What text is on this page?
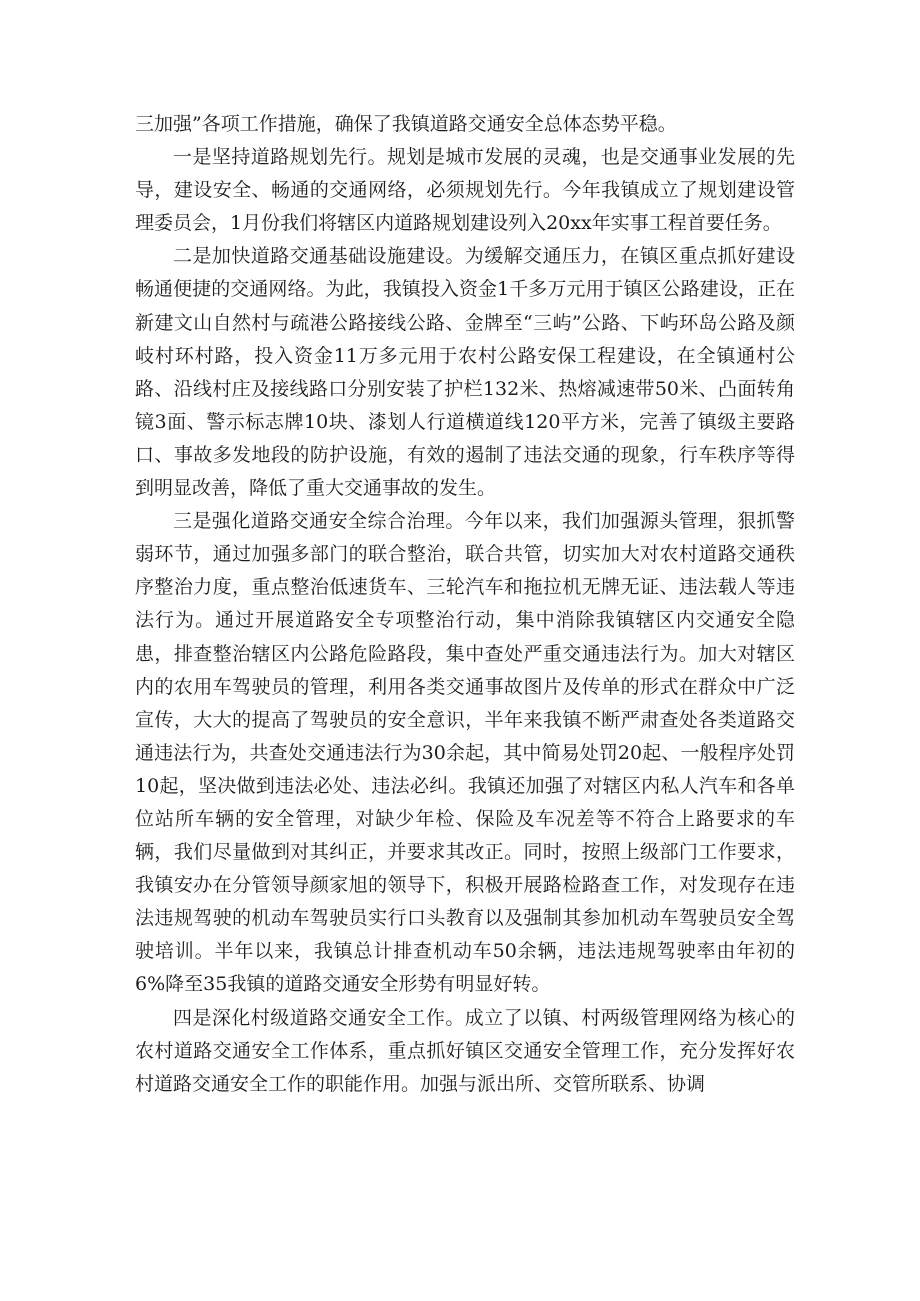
三加强”各项工作措施，确保了我镇道路交通安全总体态势平稳。

一是坚持道路规划先行。规划是城市发展的灵魂，也是交通事业发展的先导，建设安全、畅通的交通网络，必须规划先行。今年我镇成立了规划建设管理委员会，1月份我们将辖区内道路规划建设列入20xx年实事工程首要任务。

二是加快道路交通基础设施建设。为缓解交通压力，在镇区重点抓好建设畅通便捷的交通网络。为此，我镇投入资金1千多万元用于镇区公路建设，正在新建文山自然村与疏港公路接线公路、金牌至“三屿”公路、下屿环岛公路及颜岐村环村路，投入资金11万多元用于农村公路安保工程建设，在全镇通村公路、沿线村庄及接线路口分别安装了护栏132米、热熔减速带50米、凸面转角镜3面、警示标志牌10块、漆划人行道横道线120平方米，完善了镇级主要路口、事故多发地段的防护设施，有效的遏制了违法交通的现象，行车秩序等得到明显改善，降低了重大交通事故的发生。

三是强化道路交通安全综合治理。今年以来，我们加强源头管理，狠抓警弱环节，通过加强多部门的联合整治，联合共管，切实加大对农村道路交通秩序整治力度，重点整治低速货车、三轮汽车和拖拉机无牌无证、违法载人等违法行为。通过开展道路安全专项整治行动，集中消除我镇辖区内交通安全隐患，排查整治辖区内公路危险路段，集中查处严重交通违法行为。加大对辖区内的农用车驾驶员的管理，利用各类交通事故图片及传单的形式在群众中广泛宣传，大大的提高了驾驶员的安全意识，半年来我镇不断严肃查处各类道路交通违法行为，共查处交通违法行为30余起，其中简易处罚20起、一般程序处罚10起，坚决做到违法必处、违法必纠。我镇还加强了对辖区内私人汽车和各单位站所车辆的安全管理，对缺少年检、保险及车况差等不符合上路要求的车辆，我们尽量做到对其纠正，并要求其改正。同时，按照上级部门工作要求，我镇安办在分管领导颜家旭的领导下，积极开展路检路查工作，对发现存在违法违规驾驶的机动车驾驶员实行口头教育以及强制其参加机动车驾驶员安全驾驶培训。半年以来，我镇总计排查机动车50余辆，违法违规驾驶率由年初的6%降至35我镇的道路交通安全形势有明显好转。

四是深化村级道路交通安全工作。成立了以镇、村两级管理网络为核心的农村道路交通安全工作体系，重点抓好镇区交通安全管理工作，充分发挥好农村道路交通安全工作的职能作用。加强与派出所、交管所联系、协调
